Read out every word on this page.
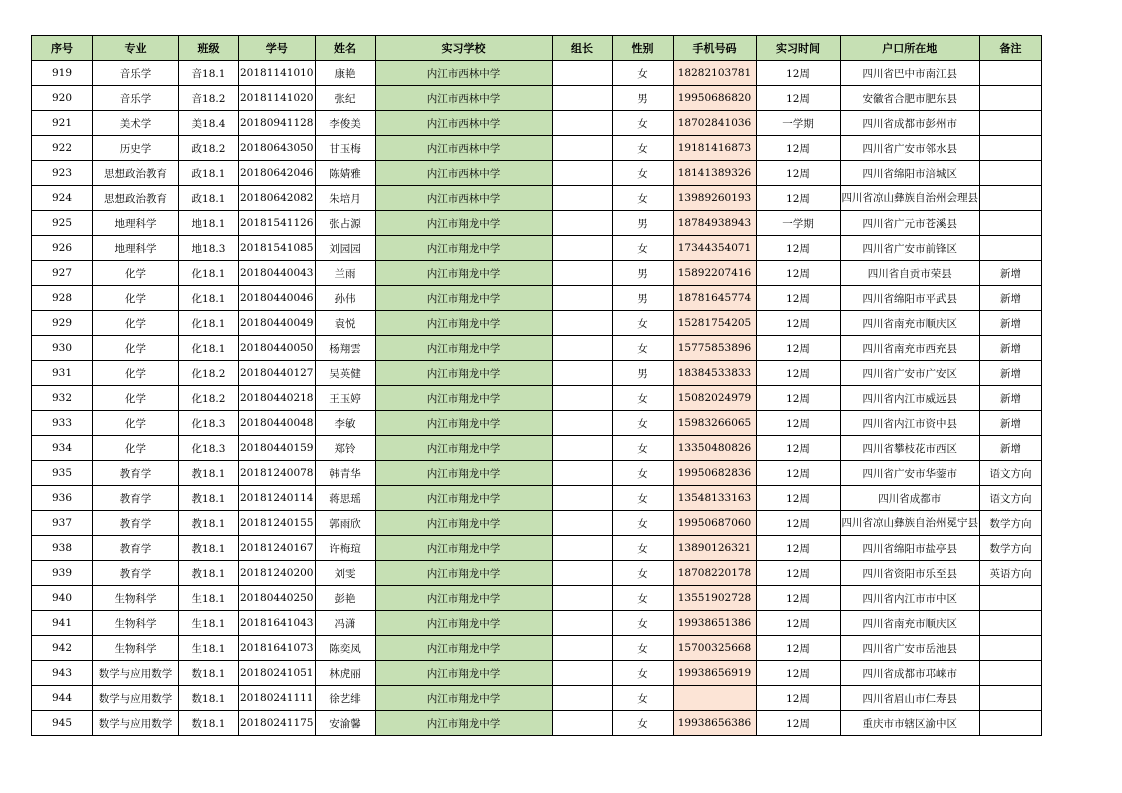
序号	专业	班级	学号	姓名	实习学校	组长	性别	手机号码	实习时间	户口所在地	备注
919	音乐学	音18.1	20181141010	康艳	内江市西林中学		女	18282103781	12周	四川省巴中市南江县	
920	音乐学	音18.2	20181141020	张纪	内江市西林中学		男	19950686820	12周	安徽省合肥市肥东县	
921	美术学	美18.4	20180941128	李俊美	内江市西林中学		女	18702841036	一学期	四川省成都市彭州市	
922	历史学	政18.2	20180643050	甘玉梅	内江市西林中学		女	19181416873	12周	四川省广安市邻水县	
923	思想政治教育	政18.1	20180642046	陈婧雅	内江市西林中学		女	18141389326	12周	四川省绵阳市涪城区	
924	思想政治教育	政18.1	20180642082	朱培月	内江市西林中学		女	13989260193	12周	四川省凉山彝族自治州会理县	
925	地理科学	地18.1	20181541126	张占源	内江市翔龙中学		男	18784938943	一学期	四川省广元市苍溪县	
926	地理科学	地18.3	20181541085	刘园园	内江市翔龙中学		女	17344354071	12周	四川省广安市前锋区	
927	化学	化18.1	20180440043	兰雨	内江市翔龙中学		男	15892207416	12周	四川省自贡市荣县	新增
928	化学	化18.1	20180440046	孙伟	内江市翔龙中学		男	18781645774	12周	四川省绵阳市平武县	新增
929	化学	化18.1	20180440049	袁悦	内江市翔龙中学		女	15281754205	12周	四川省南充市顺庆区	新增
930	化学	化18.1	20180440050	杨翔雲	内江市翔龙中学		女	15775853896	12周	四川省南充市西充县	新增
931	化学	化18.2	20180440127	吴英健	内江市翔龙中学		男	18384533833	12周	四川省广安市广安区	新增
932	化学	化18.2	20180440218	王玉婷	内江市翔龙中学		女	15082024979	12周	四川省内江市威远县	新增
933	化学	化18.3	20180440048	李敏	内江市翔龙中学		女	15983266065	12周	四川省内江市资中县	新增
934	化学	化18.3	20180440159	郑铃	内江市翔龙中学		女	13350480826	12周	四川省攀枝花市西区	新增
935	教育学	教18.1	20181240078	韩青华	内江市翔龙中学		女	19950682836	12周	四川省广安市华蓥市	语文方向
936	教育学	教18.1	20181240114	蒋思瑶	内江市翔龙中学		女	13548133163	12周	四川省成都市	语文方向
937	教育学	教18.1	20181240155	郭雨欣	内江市翔龙中学		女	19950687060	12周	四川省凉山彝族自治州冕宁县	数学方向
938	教育学	教18.1	20181240167	许梅瑄	内江市翔龙中学		女	13890126321	12周	四川省绵阳市盐亭县	数学方向
939	教育学	教18.1	20181240200	刘雯	内江市翔龙中学		女	18708220178	12周	四川省资阳市乐至县	英语方向
940	生物科学	生18.1	20180440250	彭艳	内江市翔龙中学		女	13551902728	12周	四川省内江市市中区	
941	生物科学	生18.1	20181641043	冯潇	内江市翔龙中学		女	19938651386	12周	四川省南充市顺庆区	
942	生物科学	生18.1	20181641073	陈奕凤	内江市翔龙中学		女	15700325668	12周	四川省广安市岳池县	
943	数学与应用数学	数18.1	20180241051	林虎丽	内江市翔龙中学		女	19938656919	12周	四川省成都市邛崃市	
944	数学与应用数学	数18.1	20180241111	徐艺绯	内江市翔龙中学		女		12周	四川省眉山市仁寿县	
945	数学与应用数学	数18.1	20180241175	安渝馨	内江市翔龙中学		女	19938656386	12周	重庆市市辖区渝中区	
